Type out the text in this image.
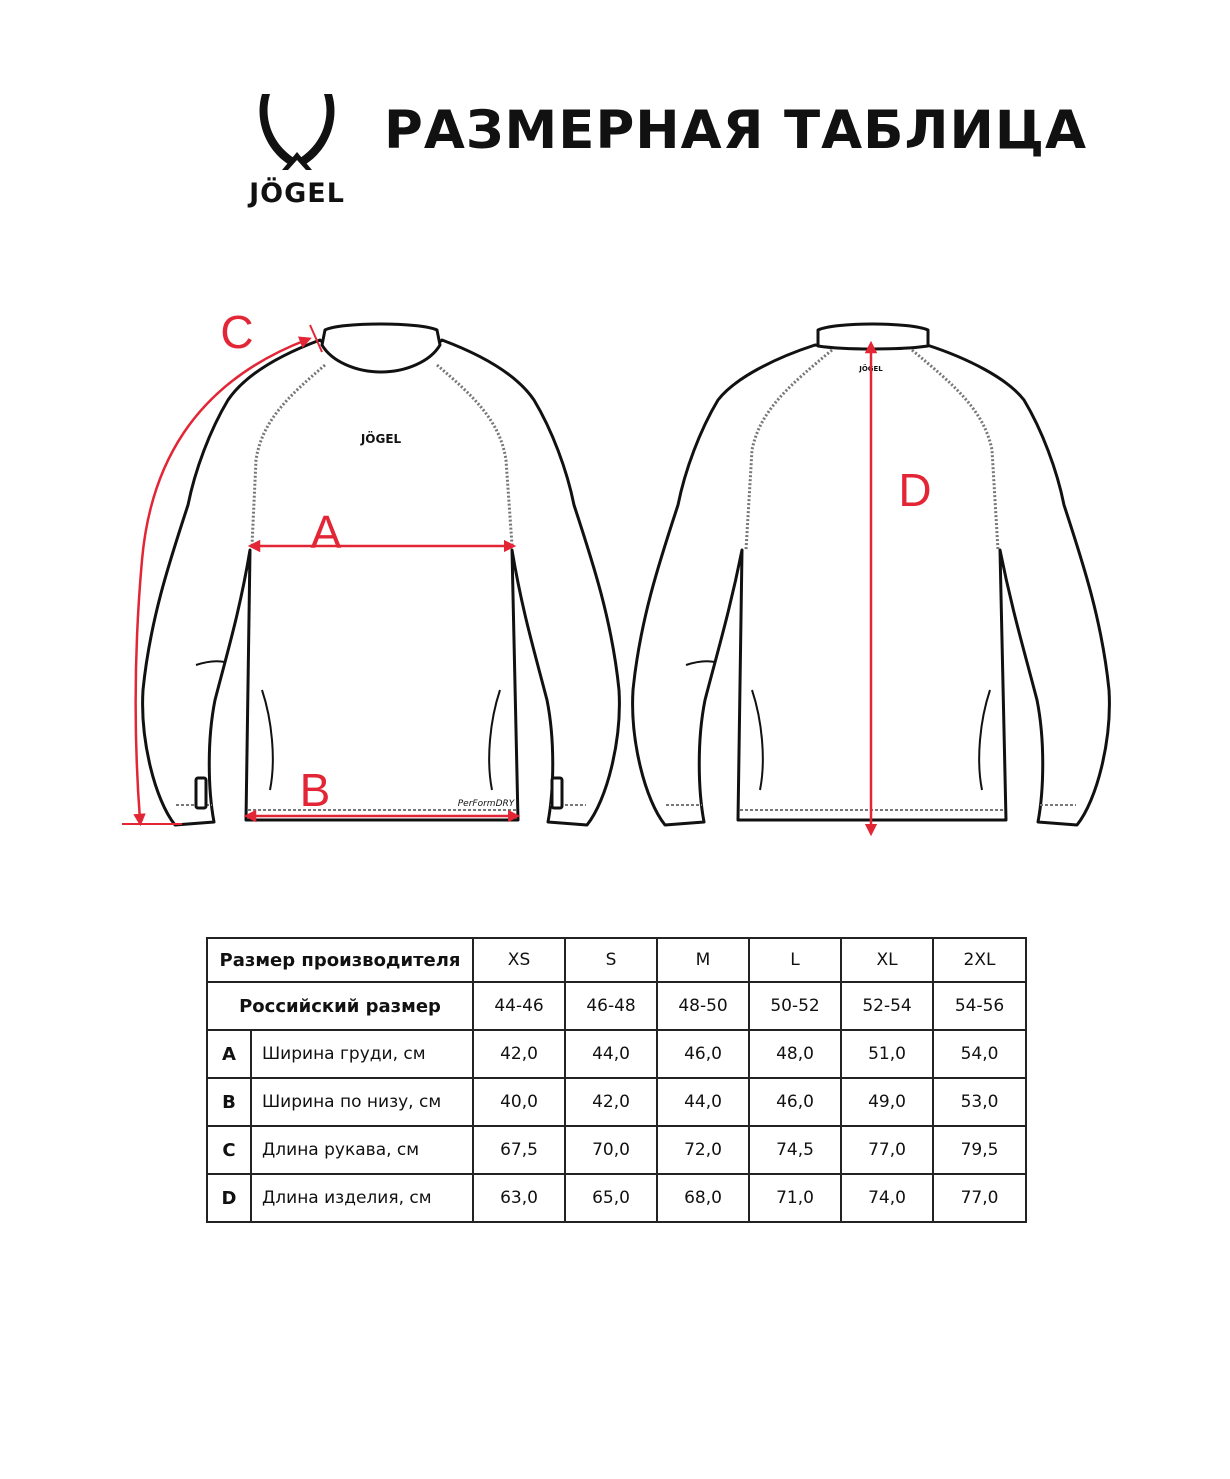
JÖGEL
РАЗМЕРНАЯ ТАБЛИЦА
JÖGEL
PerFormDRY
JÖGEL
C
A
B
D
Размер производителя		XS	S	M	L	XL	2XL
Российский размер		44-46	46-48	48-50	50-52	52-54	54-56
A	Ширина груди, см	42,0	44,0	46,0	48,0	51,0	54,0
B	Ширина по низу, см	40,0	42,0	44,0	46,0	49,0	53,0
C	Длина рукава, см	67,5	70,0	72,0	74,5	77,0	79,5
D	Длина изделия, см	63,0	65,0	68,0	71,0	74,0	77,0
